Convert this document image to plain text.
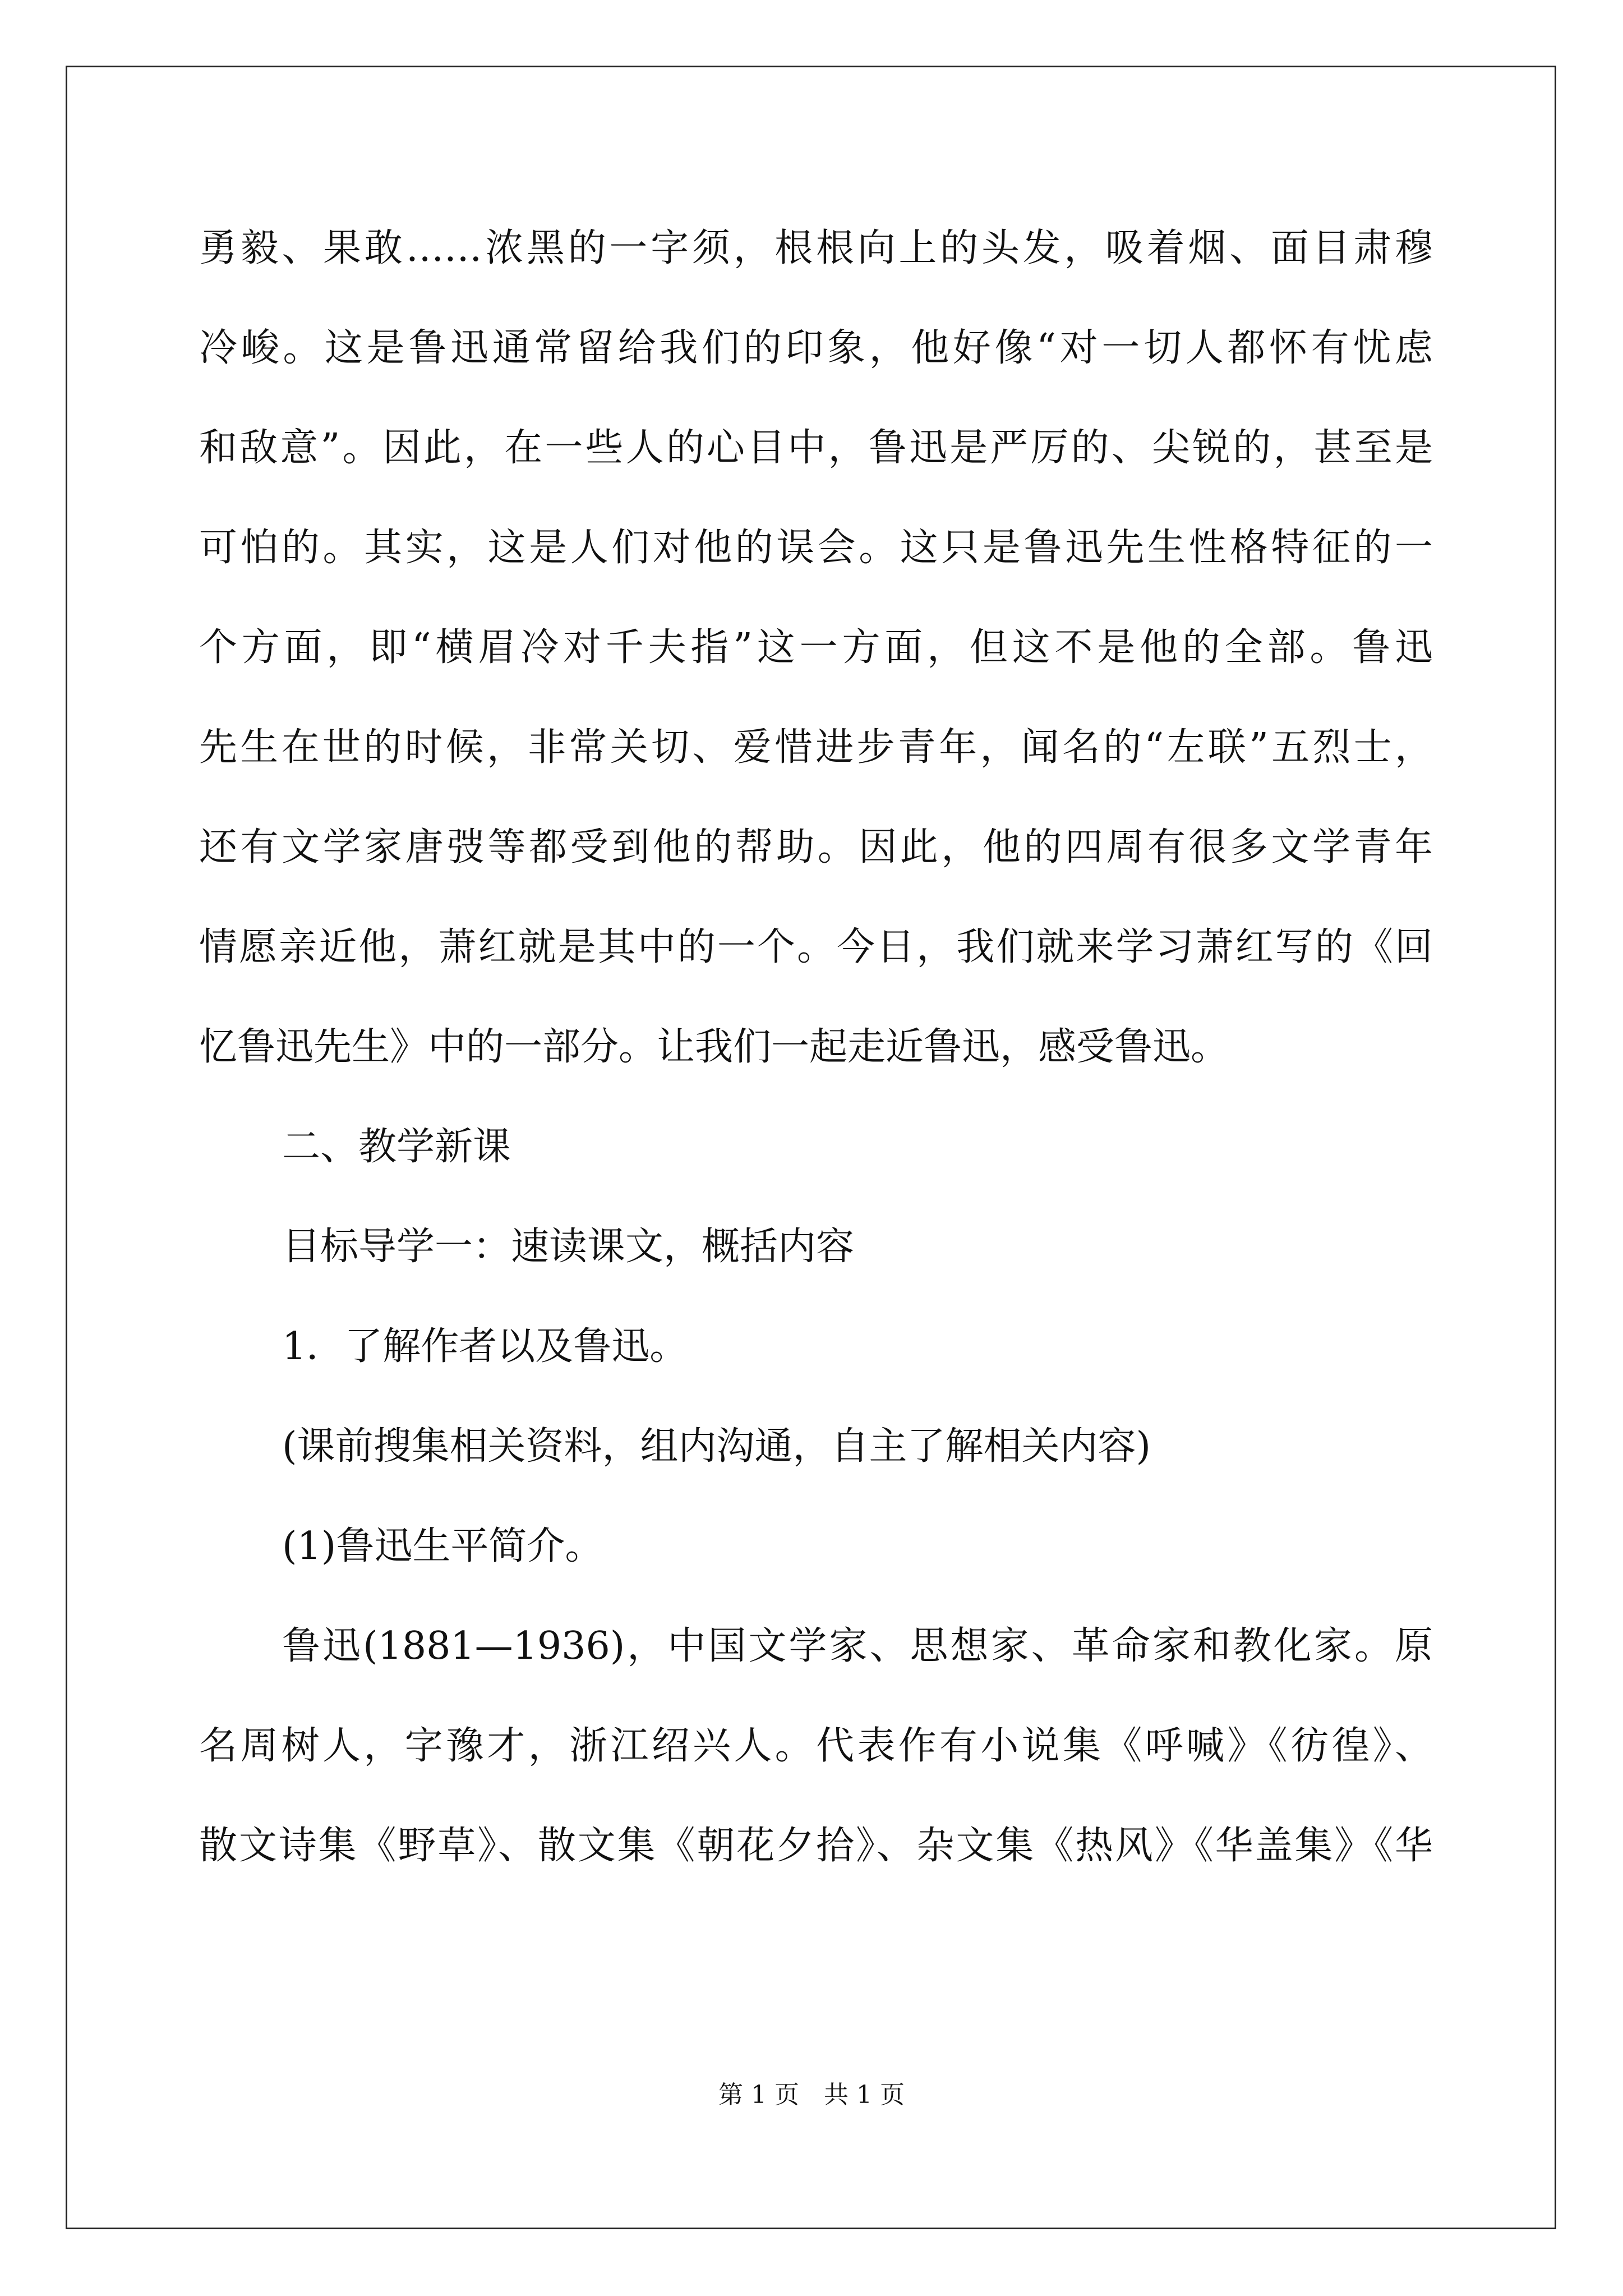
勇毅、果敢……浓黑的一字须，根根向上的头发，吸着烟、面目肃穆
冷峻。这是鲁迅通常留给我们的印象，他好像“对一切人都怀有忧虑
和敌意”。因此，在一些人的心目中，鲁迅是严厉的、尖锐的，甚至是
可怕的。其实，这是人们对他的误会。这只是鲁迅先生性格特征的一
个方面，即“横眉冷对千夫指”这一方面，但这不是他的全部。鲁迅
先生在世的时候，非常关切、爱惜进步青年，闻名的“左联”五烈士，
还有文学家唐弢等都受到他的帮助。因此，他的四周有很多文学青年
情愿亲近他，萧红就是其中的一个。今日，我们就来学习萧红写的《回
忆鲁迅先生》中的一部分。让我们一起走近鲁迅，感受鲁迅。
二、教学新课
目标导学一：速读课文，概括内容
1．了解作者以及鲁迅。
(课前搜集相关资料，组内沟通，自主了解相关内容)
(1)鲁迅生平简介。
鲁迅(1881—1936)，中国文学家、思想家、革命家和教化家。原
名周树人，字豫才，浙江绍兴人。代表作有小说集《呼喊》《彷徨》、
散文诗集《野草》、散文集《朝花夕拾》、杂文集《热风》《华盖集》《华
第 1 页　共 1 页
